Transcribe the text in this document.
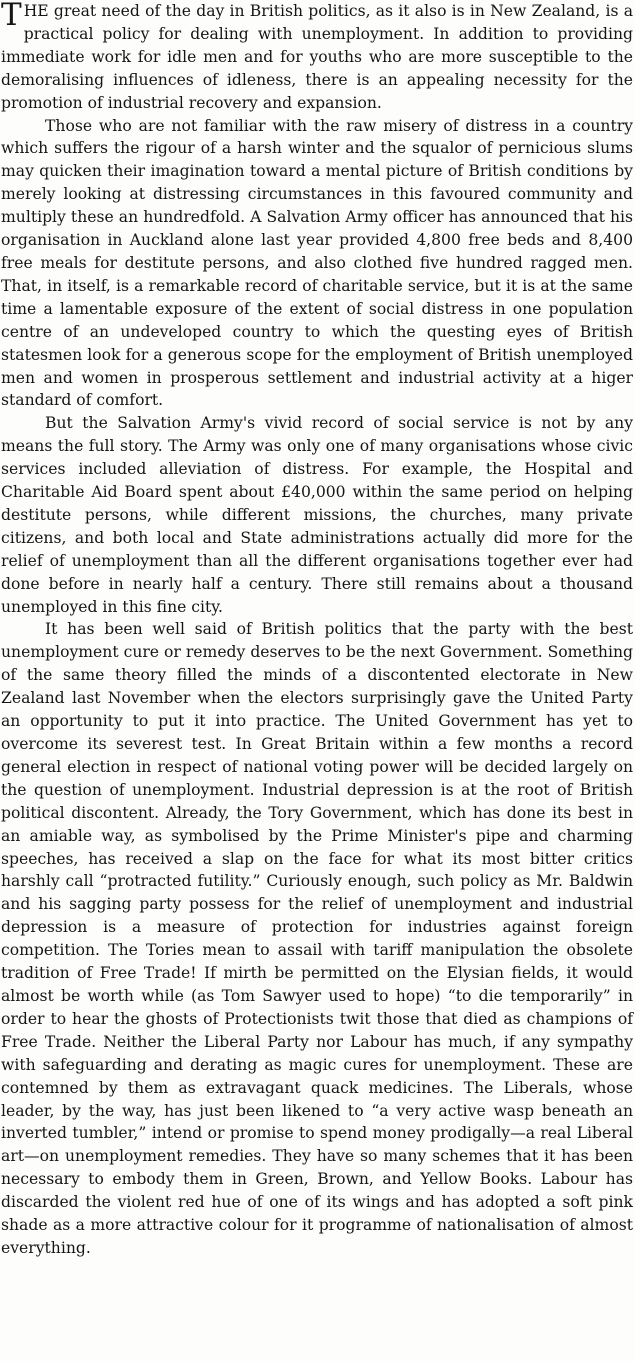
THE great need of the day in British politics, as it also is in New Zealand, is a practical policy for dealing with unemployment. In addition to providing immediate work for idle men and for youths who are more susceptible to the demoralising influences of idleness, there is an appealing necessity for the promotion of industrial recovery and expansion.

Those who are not familiar with the raw misery of distress in a country which suffers the rigour of a harsh winter and the squalor of pernicious slums may quicken their imagination toward a mental picture of British conditions by merely looking at distressing circumstances in this favoured community and multiply these an hundredfold. A Salvation Army officer has announced that his organisation in Auckland alone last year provided 4,800 free beds and 8,400 free meals for destitute persons, and also clothed five hundred ragged men. That, in itself, is a remarkable record of charitable service, but it is at the same time a lamentable exposure of the extent of social distress in one population centre of an undeveloped country to which the questing eyes of British statesmen look for a generous scope for the employment of British unemployed men and women in prosperous settlement and industrial activity at a higer standard of comfort.

But the Salvation Army's vivid record of social service is not by any means the full story. The Army was only one of many organisations whose civic services included alleviation of distress. For example, the Hospital and Charitable Aid Board spent about £40,000 within the same period on helping destitute persons, while different missions, the churches, many private citizens, and both local and State administrations actually did more for the relief of unemployment than all the different organisations together ever had done before in nearly half a century. There still remains about a thousand unemployed in this fine city.

It has been well said of British politics that the party with the best unemployment cure or remedy deserves to be the next Government. Something of the same theory filled the minds of a discontented electorate in New Zealand last November when the electors surprisingly gave the United Party an opportunity to put it into practice. The United Government has yet to overcome its severest test. In Great Britain within a few months a record general election in respect of national voting power will be decided largely on the question of unemployment. Industrial depression is at the root of British political discontent. Already, the Tory Government, which has done its best in an amiable way, as symbolised by the Prime Minister's pipe and charming speeches, has received a slap on the face for what its most bitter critics harshly call “protracted futility.” Curiously enough, such policy as Mr. Baldwin and his sagging party possess for the relief of unemployment and industrial depression is a measure of protection for industries against foreign competition. The Tories mean to assail with tariff manipulation the obsolete tradition of Free Trade! If mirth be permitted on the Elysian fields, it would almost be worth while (as Tom Sawyer used to hope) “to die temporarily” in order to hear the ghosts of Protectionists twit those that died as champions of Free Trade. Neither the Liberal Party nor Labour has much, if any sympathy with safeguarding and derating as magic cures for unemployment. These are contemned by them as extravagant quack medicines. The Liberals, whose leader, by the way, has just been likened to “a very active wasp beneath an inverted tumbler,” intend or promise to spend money prodigally—a real Liberal art—on unemployment remedies. They have so many schemes that it has been necessary to embody them in Green, Brown, and Yellow Books. Labour has discarded the violent red hue of one of its wings and has adopted a soft pink shade as a more attractive colour for it programme of nationalisation of almost everything.
